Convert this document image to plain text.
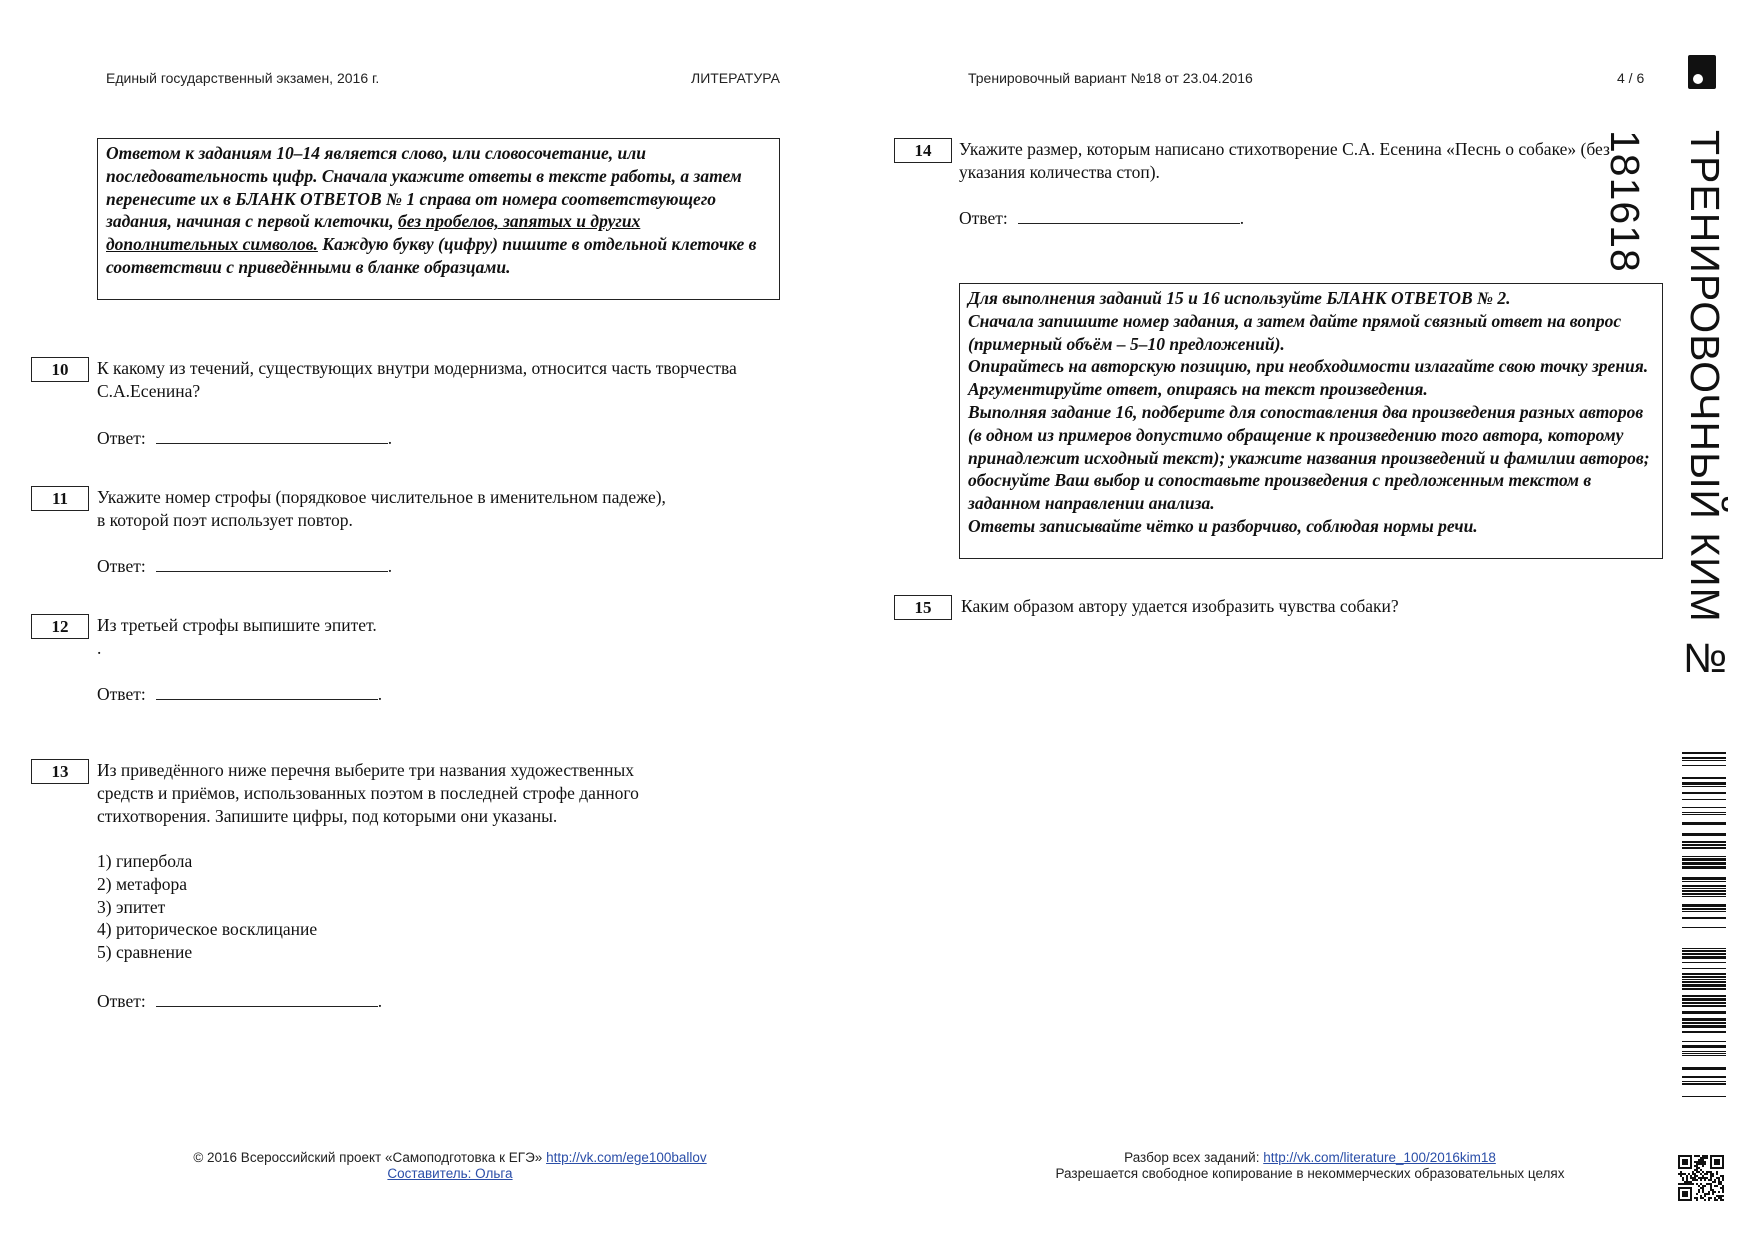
Единый государственный экзамен, 2016 г.	ЛИТЕРАТУРА	Тренировочный вариант №18 от 23.04.2016	4 / 6

Ответом к заданиям 10–14 является слово, или словосочетание, или последовательность цифр. Сначала укажите ответы в тексте работы, а затем перенесите их в БЛАНК ОТВЕТОВ № 1 справа от номера соответствующего задания, начиная с первой клеточки, без пробелов, запятых и других дополнительных символов. Каждую букву (цифру) пишите в отдельной клеточке в соответствии с приведёнными в бланке образцами.

10	К какому из течений, существующих внутри модернизма, относится часть творчества С.А.Есенина?
Ответ:	.
11	Укажите номер строфы (порядковое числительное в именительном падеже),
в которой поэт использует повтор.
Ответ:	.
12	Из третьей строфы выпишите эпитет.
.
Ответ:	.
13	Из приведённого ниже перечня выберите три названия художественных
средств и приёмов, использованных поэтом в последней строфе данного
стихотворения. Запишите цифры, под которыми они указаны.
1) гипербола
2) метафора
3) эпитет
4) риторическое восклицание
5) сравнение
Ответ:	.
14	Укажите размер, которым написано стихотворение С.А. Есенина «Песнь о собаке» (без указания количества стоп).
Ответ:	.

Для выполнения заданий 15 и 16 используйте БЛАНК ОТВЕТОВ № 2.

Сначала запишите номер задания, а затем дайте прямой связный ответ на вопрос (примерный объём – 5–10 предложений).

Опирайтесь на авторскую позицию, при необходимости излагайте свою точку зрения. Аргументируйте ответ, опираясь на текст произведения.

Выполняя задание 16, подберите для сопоставления два произведения разных авторов (в одном из примеров допустимо обращение к произведению того автора, которому принадлежит исходный текст); укажите названия произведений и фамилии авторов; обоснуйте Ваш выбор и сопоставьте произведения с предложенным текстом в заданном направлении анализа.

Ответы записывайте чётко и разборчиво, соблюдая нормы речи.

15	Каким образом автору удается изобразить чувства собаки?	ТРЕНИРОВОЧНЫЙ КИМ № 181618
© 2016 Всероссийский проект «Самоподготовка к ЕГЭ» http://vk.com/ege100ballov
Составитель: Ольга
Разбор всех заданий: http://vk.com/literature_100/2016kim18
Разрешается свободное копирование в некоммерческих образовательных целях
